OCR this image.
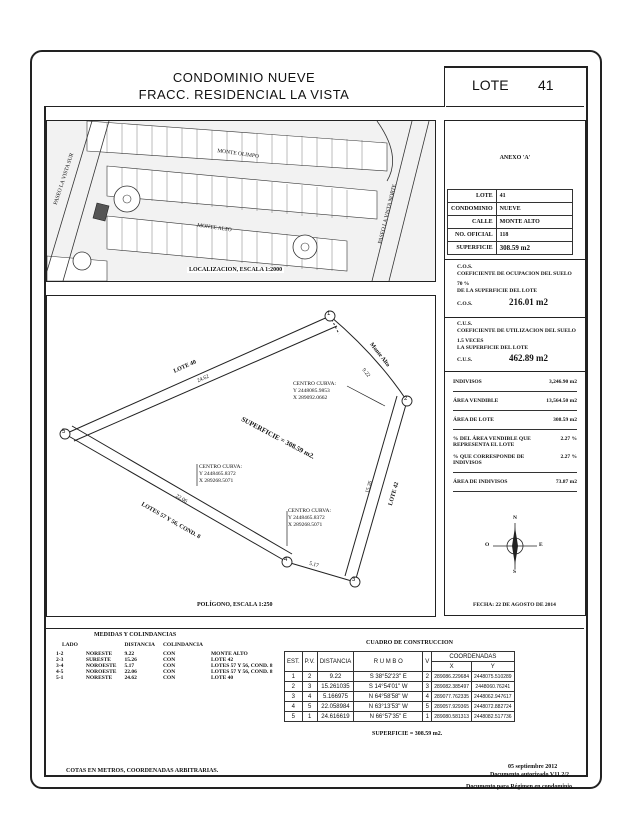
CONDOMINIO NUEVE
FRACC. RESIDENCIAL LA VISTA
LOTE 41
MONTE OLIMPO
MONTE ALTO
PASEO LA VISTA SUR
PASEO LA VISTA NORTE
LOCALIZACION, ESCALA 1:2000
1
2
3
4
5
LOTE 40
24.62
Monte Alto
9.22
LOTE 42
15.26
5.17
LOTES 57 Y 56, COND. 8
22.06
SUPERFICIE = 308.59 m2.
CENTRO CURVA:
Y 2448085.9853
X 289092.0662
CENTRO CURVA:
Y 2448465.8372
X 289268.5071
CENTRO CURVA:
Y 2448465.8372
X 289268.5071
POLÍGONO, ESCALA 1:250
ANEXO 'A'
LOTE	41
CONDOMINIO	NUEVE
CALLE	MONTE ALTO
NO. OFICIAL	118
SUPERFICIE	308.59 m2
C.O.S.
COEFICIENTE DE OCUPACION DEL SUELO
70 %
DE LA SUPERFICIE DEL LOTE
C.O.S.	216.01 m2
C.U.S.
COEFICIENTE DE UTILIZACION DEL SUELO
1.5 VECES
LA SUPERFICIE DEL LOTE
C.U.S.	462.89 m2
INDIVISOS	3,246.90 m2
ÁREA VENDIBLE	13,564.50 m2
ÁREA DE LOTE	308.59 m2
% DEL ÁREA VENDIBLE QUE REPRESENTA EL LOTE
2.27 %
% QUE CORRESPONDE DE INDIVISOS
2.27 %
ÁREA DE INDIVISOS	73.87 m2
N
S
E
O
FECHA: 22 DE AGOSTO DE 2014
MEDIDAS Y COLINDANCIAS
LADO		DISTANCIA	COLINDANCIA	

1-2	NORESTE	9.22	CON	MONTE ALTO
2-3	SURESTE	15.26	CON	LOTE 42
3-4	NOROESTE	5.17	CON	LOTES 57 Y 56, COND. 8
4-5	NOROESTE	22.06	CON	LOTES 57 Y 56, COND. 8
5-1	NORESTE	24.62	CON	LOTE 40
CUADRO DE CONSTRUCCION
EST.	P.V.	DISTANCIA	R U M B O	V	COORDENADAS	
					X	Y
1	2	9.22	S 38°52'23" E	2	289086.229684	2448075.510289
2	3	15.261035	S 14°54'01" W	3	289082.385497	2448060.76241
3	4	5.166975	N 64°58'58" W	4	289077.762335	2448062.947617
4	5	22.058984	N 63°13'53" W	5	289057.929365	2448072.882724
5	1	24.616619	N 66°57'35" E	1	289080.581313	2448082.517736
SUPERFICIE = 308.59 m2.
COTAS EN METROS, COORDENADAS ARBITRARIAS.
05 septiembre 2012
Documento autorizado V11 2/2
Documento para Régimen en condominio.
